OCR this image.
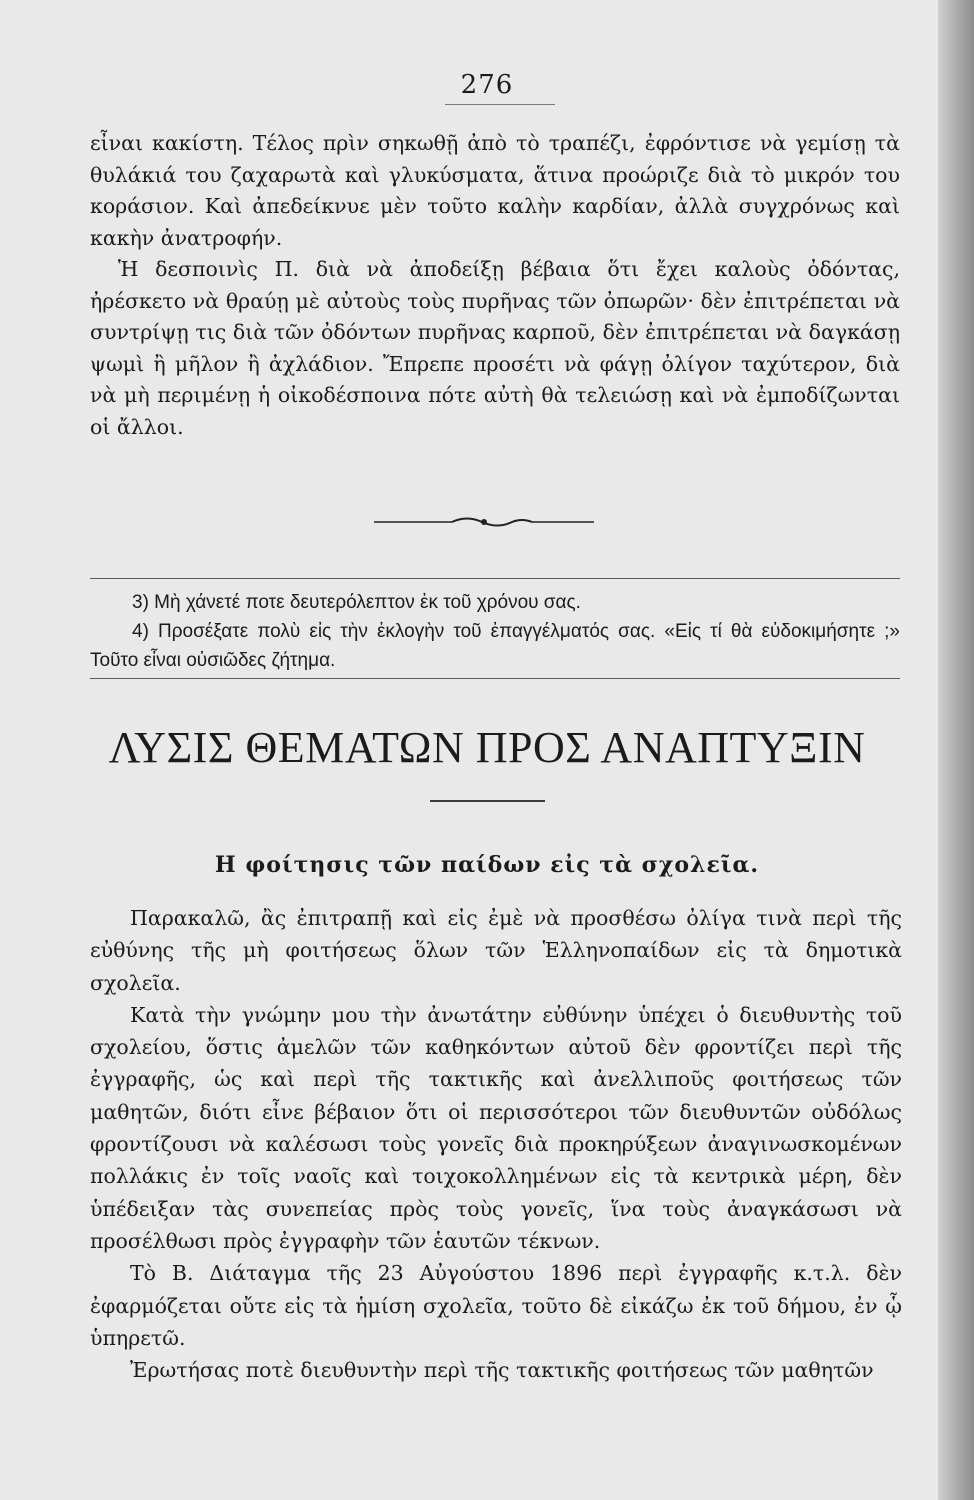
276

εἶναι κακίστη. Τέλος πρὶν σηκωθῇ ἀπὸ τὸ τραπέζι, ἐφρόντισε νὰ γεμίσῃ τὰ θυλάκιά του ζαχαρωτὰ καὶ γλυκύσματα, ἅτινα προώριζε διὰ τὸ μικρόν του κοράσιον. Καὶ ἀπεδείκνυε μὲν τοῦτο καλὴν καρδίαν, ἀλλὰ συγχρόνως καὶ κακὴν ἀνατροφήν.

Ἡ δεσποινὶς Π. διὰ νὰ ἀποδείξῃ βέβαια ὅτι ἔχει καλοὺς ὀδόντας, ἠρέσκετο νὰ θραύῃ μὲ αὐτοὺς τοὺς πυρῆνας τῶν ὀπωρῶν· δὲν ἐπιτρέπεται νὰ συντρίψῃ τις διὰ τῶν ὀδόντων πυρῆνας καρποῦ, δὲν ἐπιτρέπεται νὰ δαγκάσῃ ψωμὶ ἢ μῆλον ἢ ἀχλάδιον. Ἔπρεπε προσέτι νὰ φάγῃ ὀλίγον ταχύτερον, διὰ νὰ μὴ περιμένῃ ἡ οἰκοδέσποινα πότε αὐτὴ θὰ τελειώσῃ καὶ νὰ ἐμποδίζωνται οἱ ἄλλοι.

3) Μὴ χάνετέ ποτε δευτερόλεπτον ἐκ τοῦ χρόνου σας.

4) Προσέξατε πολὺ εἰς τὴν ἐκλογὴν τοῦ ἐπαγγέλματός σας. «Εἰς τί θὰ εὐδοκιμήσητε ;» Τοῦτο εἶναι οὐσιῶδες ζήτημα.

ΛΥΣΙΣ ΘΕΜΑΤΩΝ ΠΡΟΣ ΑΝΑΠΤΥΞΙΝ
Η φοίτησις τῶν παίδων εἰς τὰ σχολεῖα.

Παρακαλῶ, ἂς ἐπιτραπῇ καὶ εἰς ἐμὲ νὰ προσθέσω ὀλίγα τινὰ περὶ τῆς εὐθύνης τῆς μὴ φοιτήσεως ὅλων τῶν Ἑλληνοπαίδων εἰς τὰ δημοτικὰ σχολεῖα.

Κατὰ τὴν γνώμην μου τὴν ἀνωτάτην εὐθύνην ὑπέχει ὁ διευθυντὴς τοῦ σχολείου, ὅστις ἀμελῶν τῶν καθηκόντων αὐτοῦ δὲν φροντίζει περὶ τῆς ἐγγραφῆς, ὡς καὶ περὶ τῆς τακτικῆς καὶ ἀνελλιποῦς φοιτήσεως τῶν μαθητῶν, διότι εἶνε βέβαιον ὅτι οἱ περισσότεροι τῶν διευθυντῶν οὐδόλως φροντίζουσι νὰ καλέσωσι τοὺς γονεῖς διὰ προκηρύξεων ἀναγινωσκομένων πολλάκις ἐν τοῖς ναοῖς καὶ τοιχοκολλημένων εἰς τὰ κεντρικὰ μέρη, δὲν ὑπέδειξαν τὰς συνεπείας πρὸς τοὺς γονεῖς, ἵνα τοὺς ἀναγκάσωσι νὰ προσέλθωσι πρὸς ἐγγραφὴν τῶν ἑαυτῶν τέκνων.

Τὸ Β. Διάταγμα τῆς 23 Αὐγούστου 1896 περὶ ἐγγραφῆς κ.τ.λ. δὲν ἐφαρμόζεται οὔτε εἰς τὰ ἡμίση σχολεῖα, τοῦτο δὲ εἰκάζω ἐκ τοῦ δήμου, ἐν ᾧ ὑπηρετῶ.

Ἐρωτήσας ποτὲ διευθυντὴν περὶ τῆς τακτικῆς φοιτήσεως τῶν μαθητῶν
